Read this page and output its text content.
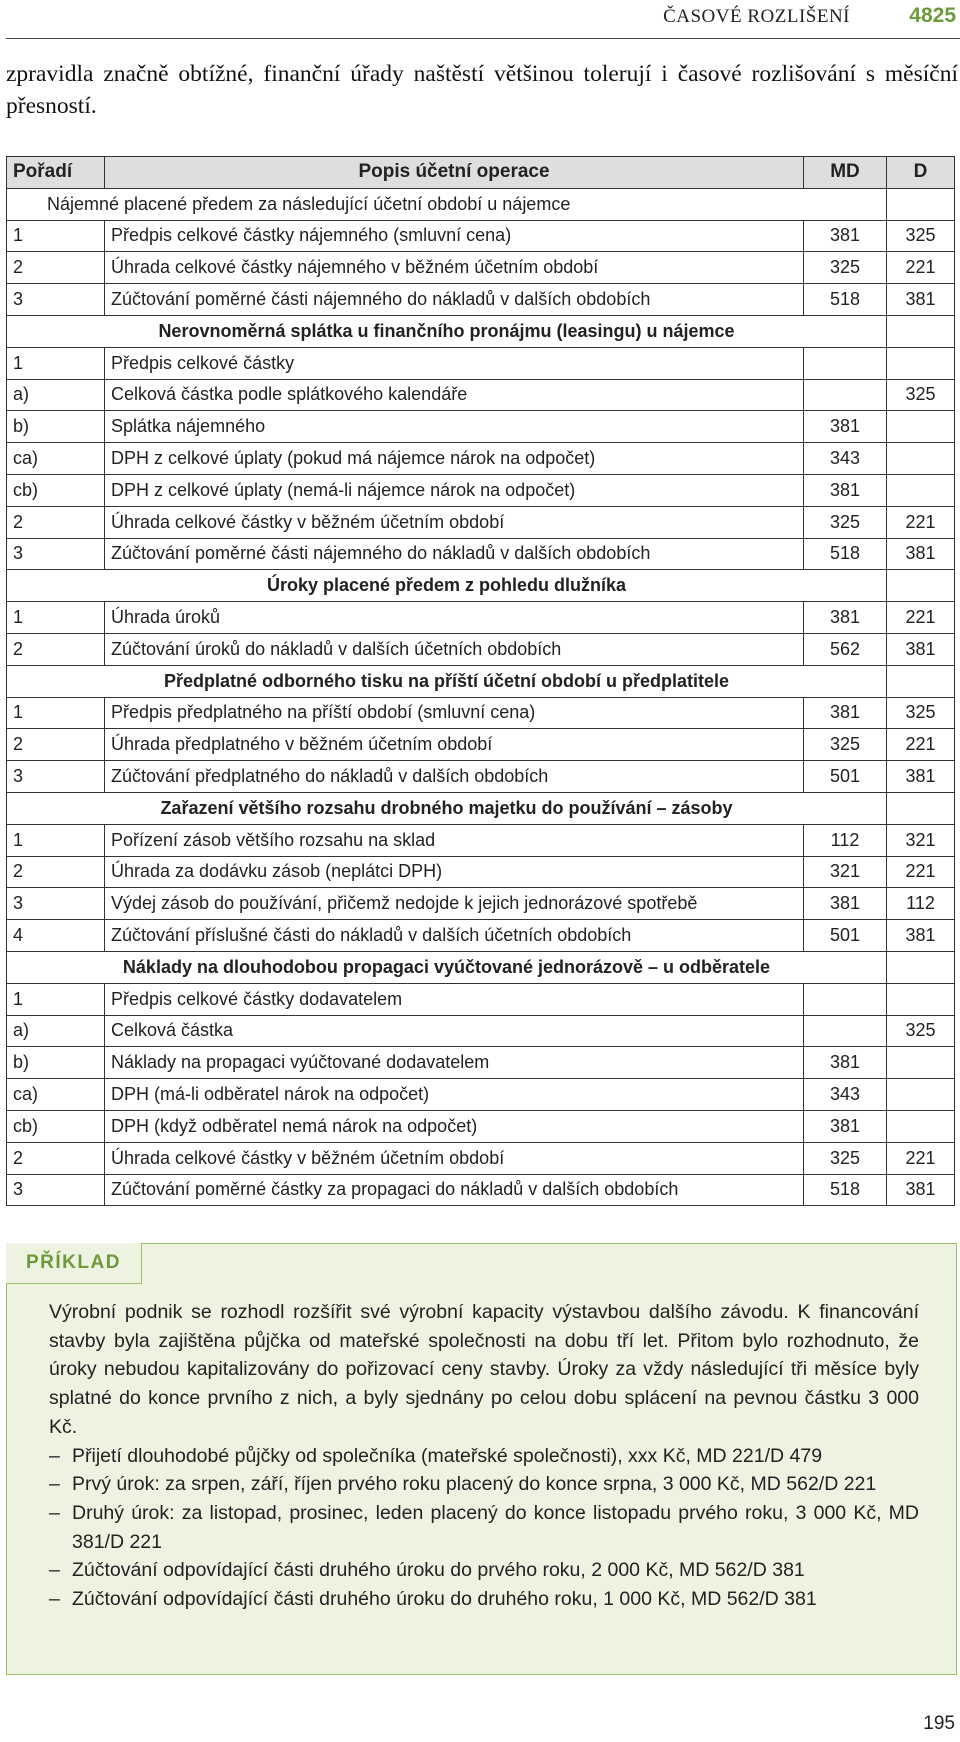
ČASOVÉ ROZLIŠENÍ	4825

zpravidla značně obtížné, finanční úřady naštěstí většinou tolerují i časové rozlišování s měsíční přesností.

Pořadí	Popis účetní operace	MD	D
Nájemné placené předem za následující účetní období u nájemce			
1	Předpis celkové částky nájemného (smluvní cena)	381	325
2	Úhrada celkové částky nájemného v běžném účetním období	325	221
3	Zúčtování poměrné části nájemného do nákladů v dalších obdobích	518	381
Nerovnoměrná splátka u finančního pronájmu (leasingu) u nájemce			
1	Předpis celkové částky		
a)	Celková částka podle splátkového kalendáře		325
b)	Splátka nájemného	381	
ca)	DPH z celkové úplaty (pokud má nájemce nárok na odpočet)	343	
cb)	DPH z celkové úplaty (nemá-li nájemce nárok na odpočet)	381	
2	Úhrada celkové částky v běžném účetním období	325	221
3	Zúčtování poměrné části nájemného do nákladů v dalších obdobích	518	381
Úroky placené předem z pohledu dlužníka			
1	Úhrada úroků	381	221
2	Zúčtování úroků do nákladů v dalších účetních obdobích	562	381
Předplatné odborného tisku na příští účetní období u předplatitele			
1	Předpis předplatného na příští období (smluvní cena)	381	325
2	Úhrada předplatného v běžném účetním období	325	221
3	Zúčtování předplatného do nákladů v dalších obdobích	501	381
Zařazení většího rozsahu drobného majetku do používání – zásoby			
1	Pořízení zásob většího rozsahu na sklad	112	321
2	Úhrada za dodávku zásob (neplátci DPH)	321	221
3	Výdej zásob do používání, přičemž nedojde k jejich jednorázové spotřebě	381	112
4	Zúčtování příslušné části do nákladů v dalších účetních obdobích	501	381
Náklady na dlouhodobou propagaci vyúčtované jednorázově – u odběratele			
1	Předpis celkové částky dodavatelem		
a)	Celková částka		325
b)	Náklady na propagaci vyúčtované dodavatelem	381	
ca)	DPH (má-li odběratel nárok na odpočet)	343	
cb)	DPH (když odběratel nemá nárok na odpočet)	381	
2	Úhrada celkové částky v běžném účetním období	325	221
3	Zúčtování poměrné částky za propagaci do nákladů v dalších obdobích	518	381
PŘÍKLAD

Výrobní podnik se rozhodl rozšířit své výrobní kapacity výstavbou dalšího závodu. K financování stavby byla zajištěna půjčka od mateřské společnosti na dobu tří let. Přitom bylo rozhodnuto, že úroky nebudou kapitalizovány do pořizovací ceny stavby. Úroky za vždy následující tři měsíce byly splatné do konce prvního z nich, a byly sjednány po celou dobu splácení na pevnou částku 3 000 Kč.

– Přijetí dlouhodobé půjčky od společníka (mateřské společnosti), xxx Kč, MD 221/D 479
– Prvý úrok: za srpen, září, říjen prvého roku placený do konce srpna, 3 000 Kč, MD 562/D 221
– Druhý úrok: za listopad, prosinec, leden placený do konce listopadu prvého roku, 3 000 Kč, MD 381/D 221
– Zúčtování odpovídající části druhého úroku do prvého roku, 2 000 Kč, MD 562/D 381
– Zúčtování odpovídající části druhého úroku do druhého roku, 1 000 Kč, MD 562/D 381
195
